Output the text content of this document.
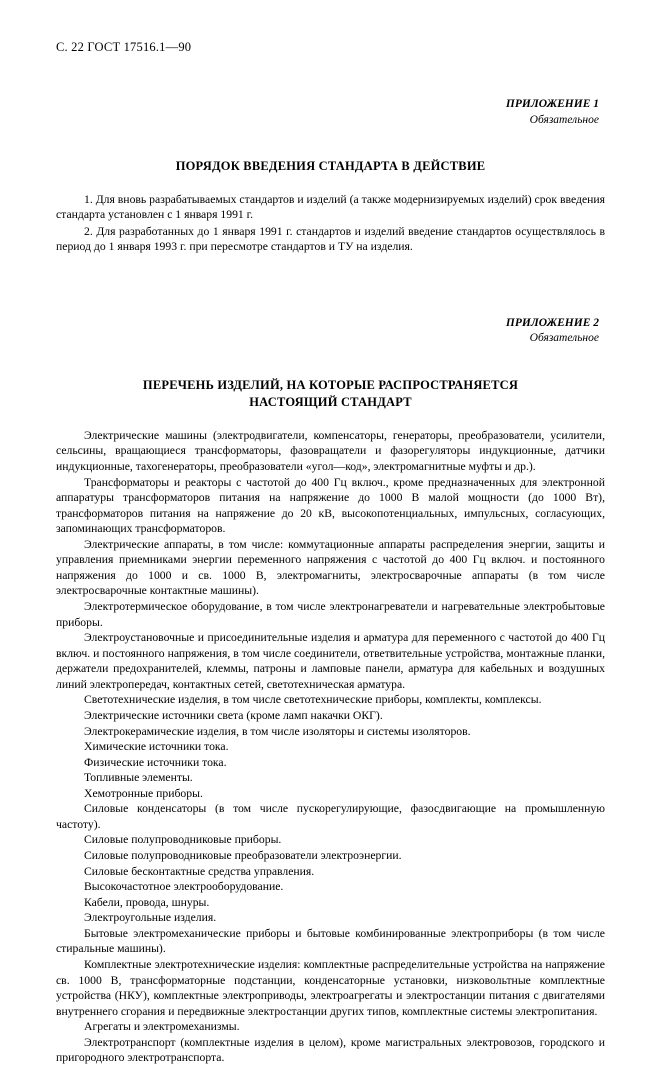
С. 22 ГОСТ 17516.1—90
ПРИЛОЖЕНИЕ 1
Обязательное
ПОРЯДОК ВВЕДЕНИЯ СТАНДАРТА В ДЕЙСТВИЕ

1. Для вновь разрабатываемых стандартов и изделий (а также модернизируемых изделий) срок введения стандарта установлен с 1 января 1991 г.

2. Для разработанных до 1 января 1991 г. стандартов и изделий введение стандартов осуществлялось в период до 1 января 1993 г. при пересмотре стандартов и ТУ на изделия.

ПРИЛОЖЕНИЕ 2
Обязательное
ПЕРЕЧЕНЬ ИЗДЕЛИЙ, НА КОТОРЫЕ РАСПРОСТРАНЯЕТСЯ
НАСТОЯЩИЙ СТАНДАРТ

Электрические машины (электродвигатели, компенсаторы, генераторы, преобразователи, усилители, сельсины, вращающиеся трансформаторы, фазовращатели и фазорегуляторы индукционные, датчики индукционные, тахогенераторы, преобразователи «угол—код», электромагнитные муфты и др.).

Трансформаторы и реакторы с частотой до 400 Гц включ., кроме предназначенных для электронной аппаратуры трансформаторов питания на напряжение до 1000 В малой мощности (до 1000 Вт), трансформаторов питания на напряжение до 20 кВ, высокопотенциальных, импульсных, согласующих, запоминающих трансформаторов.

Электрические аппараты, в том числе: коммутационные аппараты распределения энергии, защиты и управления приемниками энергии переменного напряжения с частотой до 400 Гц включ. и постоянного напряжения до 1000 и св. 1000 В, электромагниты, электросварочные аппараты (в том числе электросварочные контактные машины).

Электротермическое оборудование, в том числе электронагреватели и нагревательные электробытовые приборы.

Электроустановочные и присоединительные изделия и арматура для переменного с частотой до 400 Гц включ. и постоянного напряжения, в том числе соединители, ответвительные устройства, монтажные планки, держатели предохранителей, клеммы, патроны и ламповые панели, арматура для кабельных и воздушных линий электропередач, контактных сетей, светотехническая арматура.

Светотехнические изделия, в том числе светотехнические приборы, комплекты, комплексы.

Электрические источники света (кроме ламп накачки ОКГ).

Электрокерамические изделия, в том числе изоляторы и системы изоляторов.

Химические источники тока.

Физические источники тока.

Топливные элементы.

Хемотронные приборы.

Силовые конденсаторы (в том числе пускорегулирующие, фазосдвигающие на промышленную частоту).

Силовые полупроводниковые приборы.

Силовые полупроводниковые преобразователи электроэнергии.

Силовые бесконтактные средства управления.

Высокочастотное электрооборудование.

Кабели, провода, шнуры.

Электроугольные изделия.

Бытовые электромеханические приборы и бытовые комбинированные электроприборы (в том числе стиральные машины).

Комплектные электротехнические изделия: комплектные распределительные устройства на напряжение св. 1000 В, трансформаторные подстанции, конденсаторные установки, низковольтные комплектные устройства (НКУ), комплектные электроприводы, электроагрегаты и электростанции питания с двигателями внутреннего сгорания и передвижные электростанции других типов, комплектные системы электропитания.

Агрегаты и электромеханизмы.

Электротранспорт (комплектные изделия в целом), кроме магистральных электровозов, городского и пригородного электротранспорта.
